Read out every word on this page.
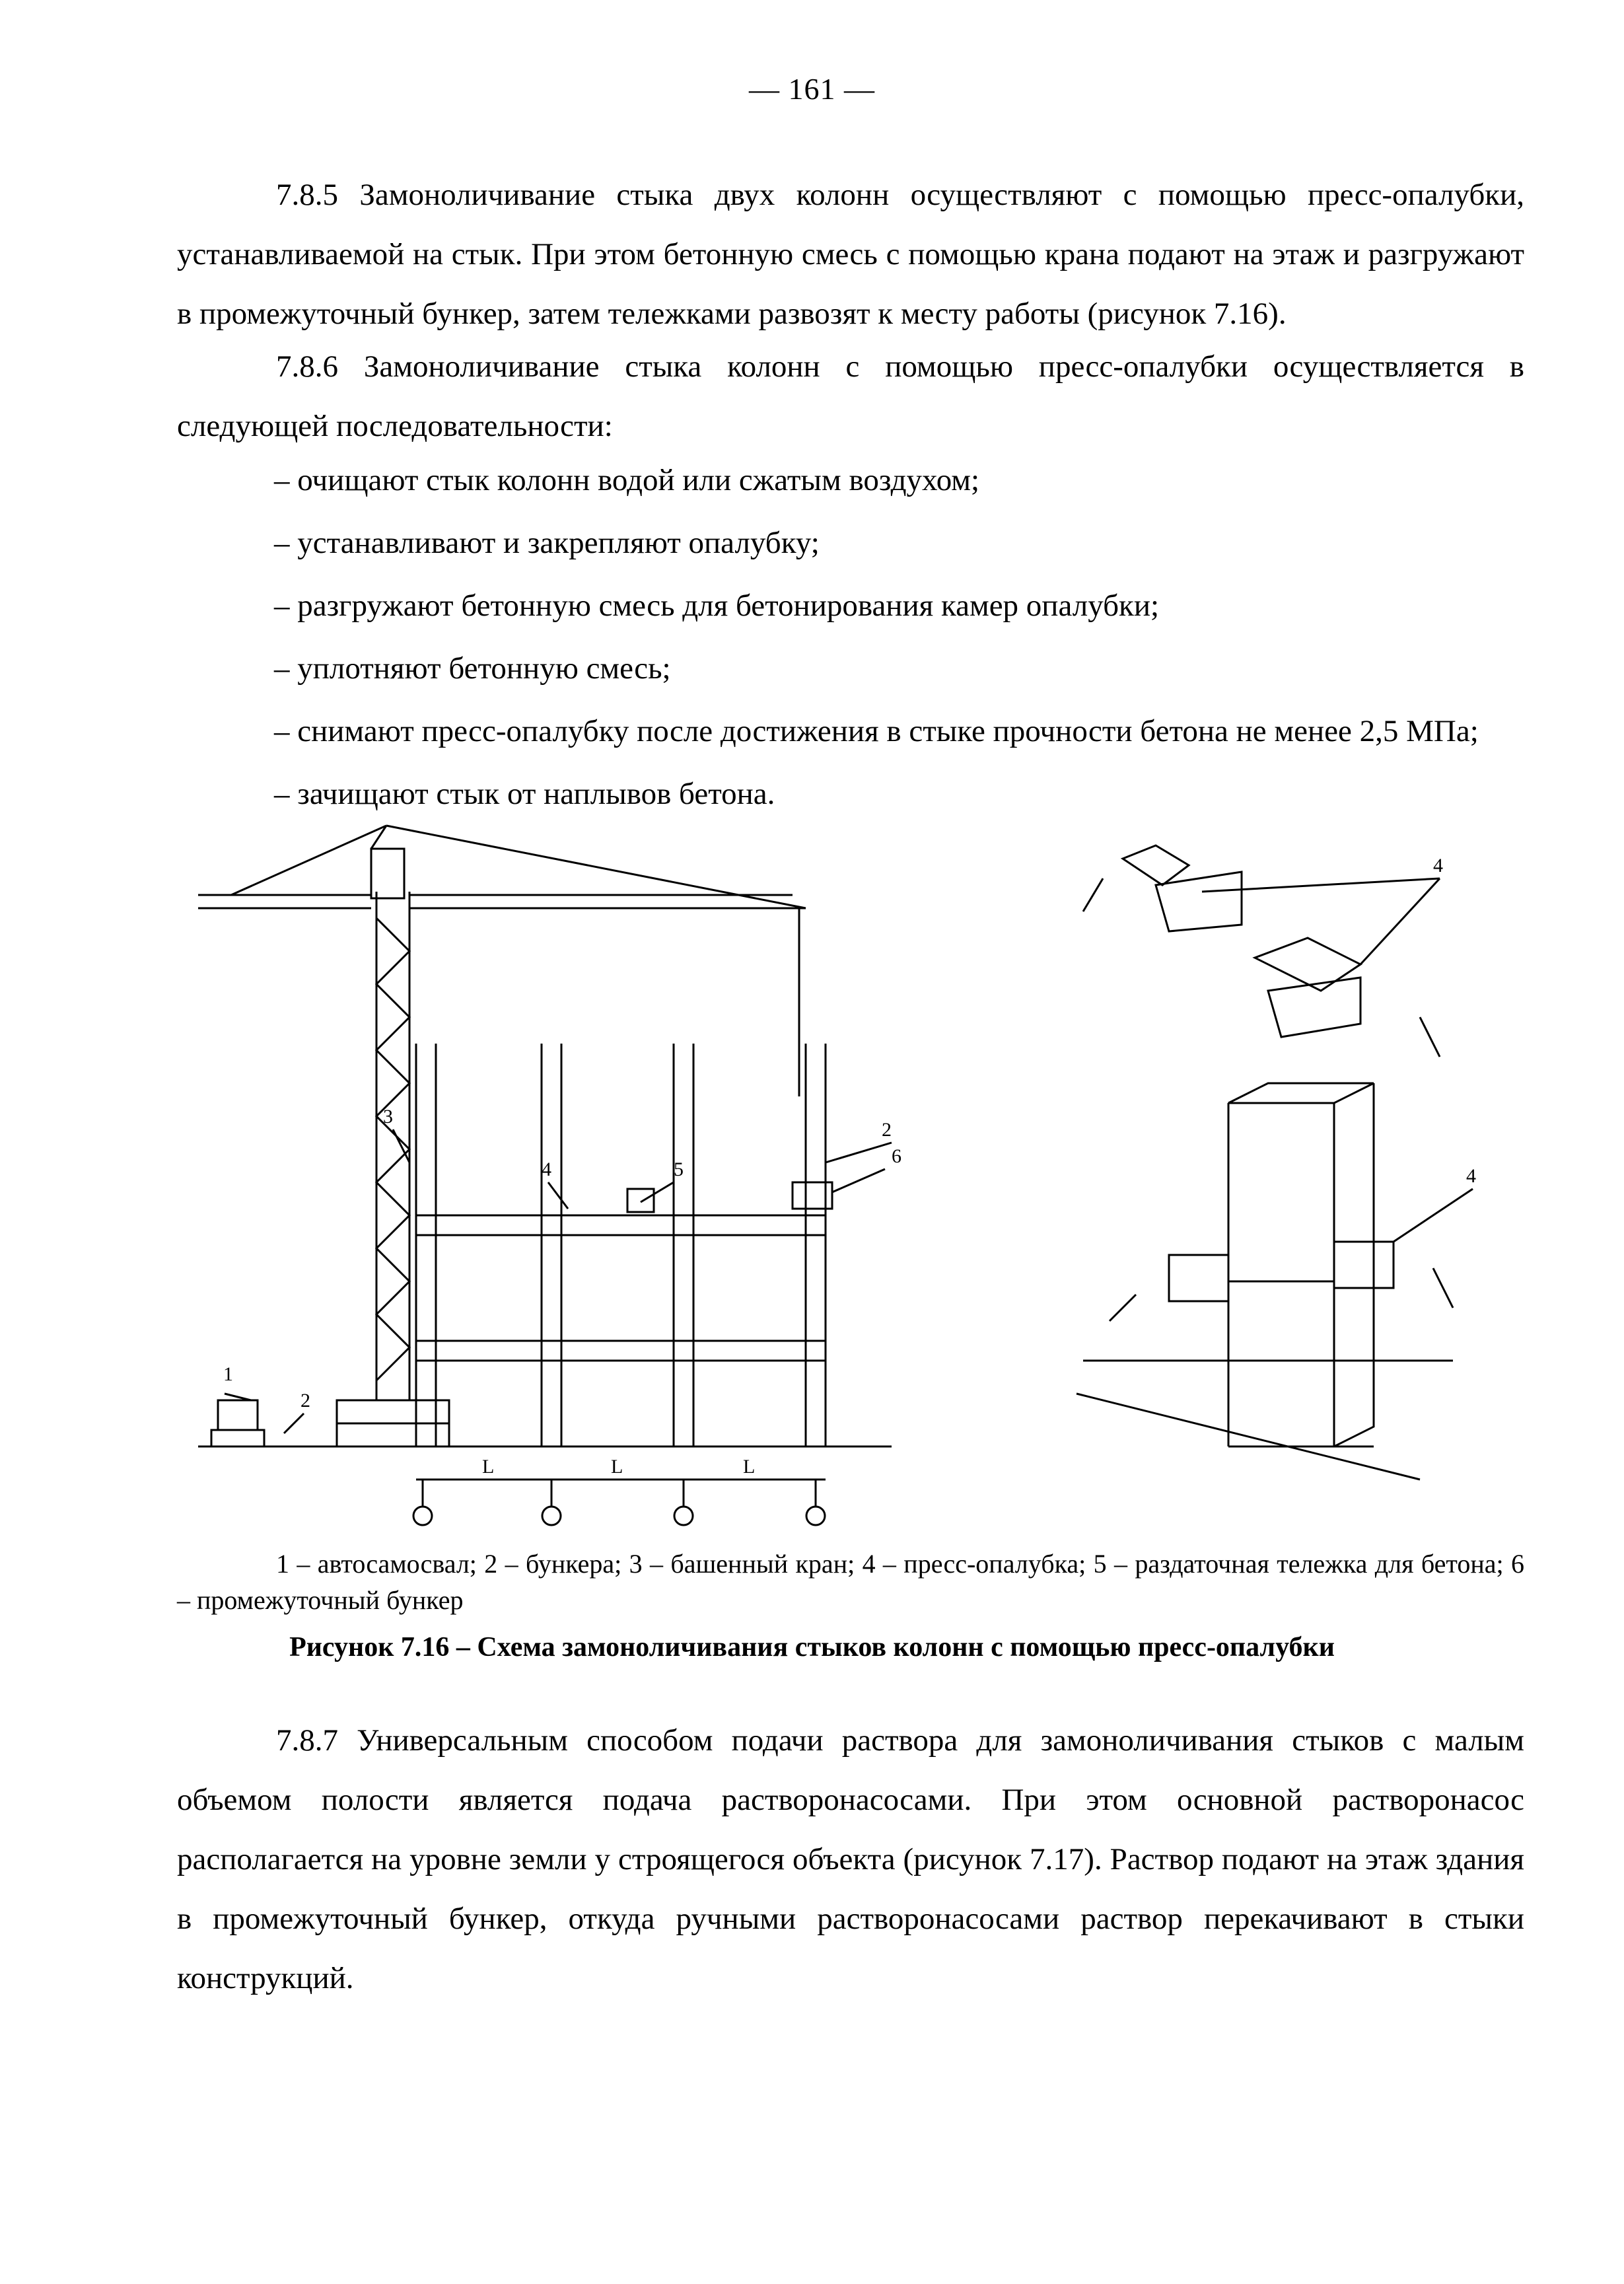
— 161 —

7.8.5 Замоноличивание стыка двух колонн осуществляют с помощью пресс-опалубки, устанавливаемой на стык. При этом бетонную смесь с помощью крана подают на этаж и разгружают в промежуточный бункер, затем тележками развозят к месту работы (рисунок 7.16).

7.8.6 Замоноличивание стыка колонн с помощью пресс-опалубки осуществляется в следующей последовательности:

– очищают стык колонн водой или сжатым воздухом;
– устанавливают и закрепляют опалубку;
– разгружают бетонную смесь для бетонирования камер опалубки;
– уплотняют бетонную смесь;
– снимают пресс-опалубку после достижения в стыке прочности бетона не менее 2,5 МПа;
– зачищают стык от наплывов бетона.
1
2
3
4	5
2
6
4
4
L	L	L

1 – автосамосвал; 2 – бункера; 3 – башенный кран; 4 – пресс-опалубка; 5 – раздаточная тележка для бетона; 6 – промежуточный бункер

Рисунок 7.16 – Схема замоноличивания стыков колонн с помощью пресс-опалубки

7.8.7 Универсальным способом подачи раствора для замоноличивания стыков с малым объемом полости является подача растворонасосами. При этом основной растворонасос располагается на уровне земли у строящегося объекта (рисунок 7.17). Раствор подают на этаж здания в промежуточный бункер, откуда ручными растворонасосами раствор перекачивают в стыки конструкций.
